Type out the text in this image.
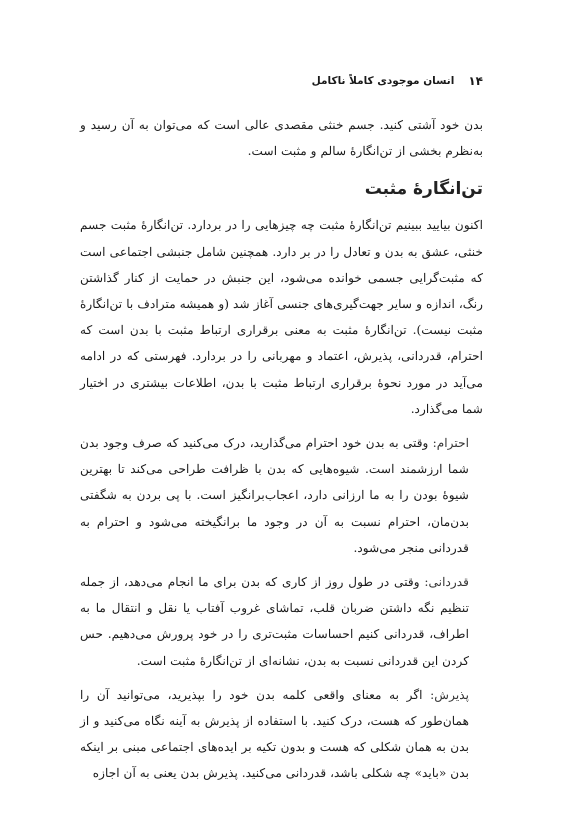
۱۴
انسان موجودی کاملاً ناکامل

بدن خود آشتی کنید. جسم خنثی مقصدی عالی است که می‌توان به آن رسید و به‌نظرم بخشی از تن‌انگارهٔ سالم و مثبت است.

تن‌انگارهٔ مثبت

اکنون بیایید ببینیم تن‌انگارهٔ مثبت چه چیزهایی را در بردارد. تن‌انگارهٔ مثبت جسم خنثی، عشق به بدن و تعادل را در بر دارد. همچنین شامل جنبشی اجتماعی است که مثبت‌گرایی جسمی خوانده می‌شود، این جنبش در حمایت از کنار گذاشتن رنگ، اندازه و سایر جهت‌گیری‌های جنسی آغاز شد (و همیشه مترادف با تن‌انگارهٔ مثبت نیست). تن‌انگارهٔ مثبت به معنی برقراری ارتباط مثبت با بدن است که احترام، قدردانی، پذیرش، اعتماد و مهربانی را در بردارد. فهرستی که در ادامه می‌آید در مورد نحوهٔ برقراری ارتباط مثبت با بدن، اطلاعات بیشتری در اختیار شما می‌گذارد.

احترام: وقتی به بدن خود احترام می‌گذارید، درک می‌کنید که صرف وجود بدن شما ارزشمند است. شیوه‌هایی که بدن با ظرافت طراحی می‌کند تا بهترین شیوهٔ بودن را به ما ارزانی دارد، اعجاب‌برانگیز است. با پی بردن به شگفتی بدن‌مان، احترام نسبت به آن در وجود ما برانگیخته می‌شود و احترام به قدردانی منجر می‌شود.

قدردانی: وقتی در طول روز از کاری که بدن برای ما انجام می‌دهد، از جمله تنظیم نگه داشتن ضربان قلب، تماشای غروب آفتاب یا نقل و انتقال ما به اطراف، قدردانی کنیم احساسات مثبت‌تری را در خود پرورش می‌دهیم. حس کردن این قدردانی نسبت به بدن، نشانه‌ای از تن‌انگارهٔ مثبت است.

پذیرش: اگر به معنای واقعی کلمه بدن خود را بپذیرید، می‌توانید آن را همان‌طور که هست، درک کنید. با استفاده از پذیرش به آینه نگاه می‌کنید و از بدن به همان شکلی که هست و بدون تکیه بر ایده‌های اجتماعی مبنی بر اینکه بدن «باید» چه شکلی باشد، قدردانی می‌کنید. پذیرش بدن یعنی به آن اجازه
